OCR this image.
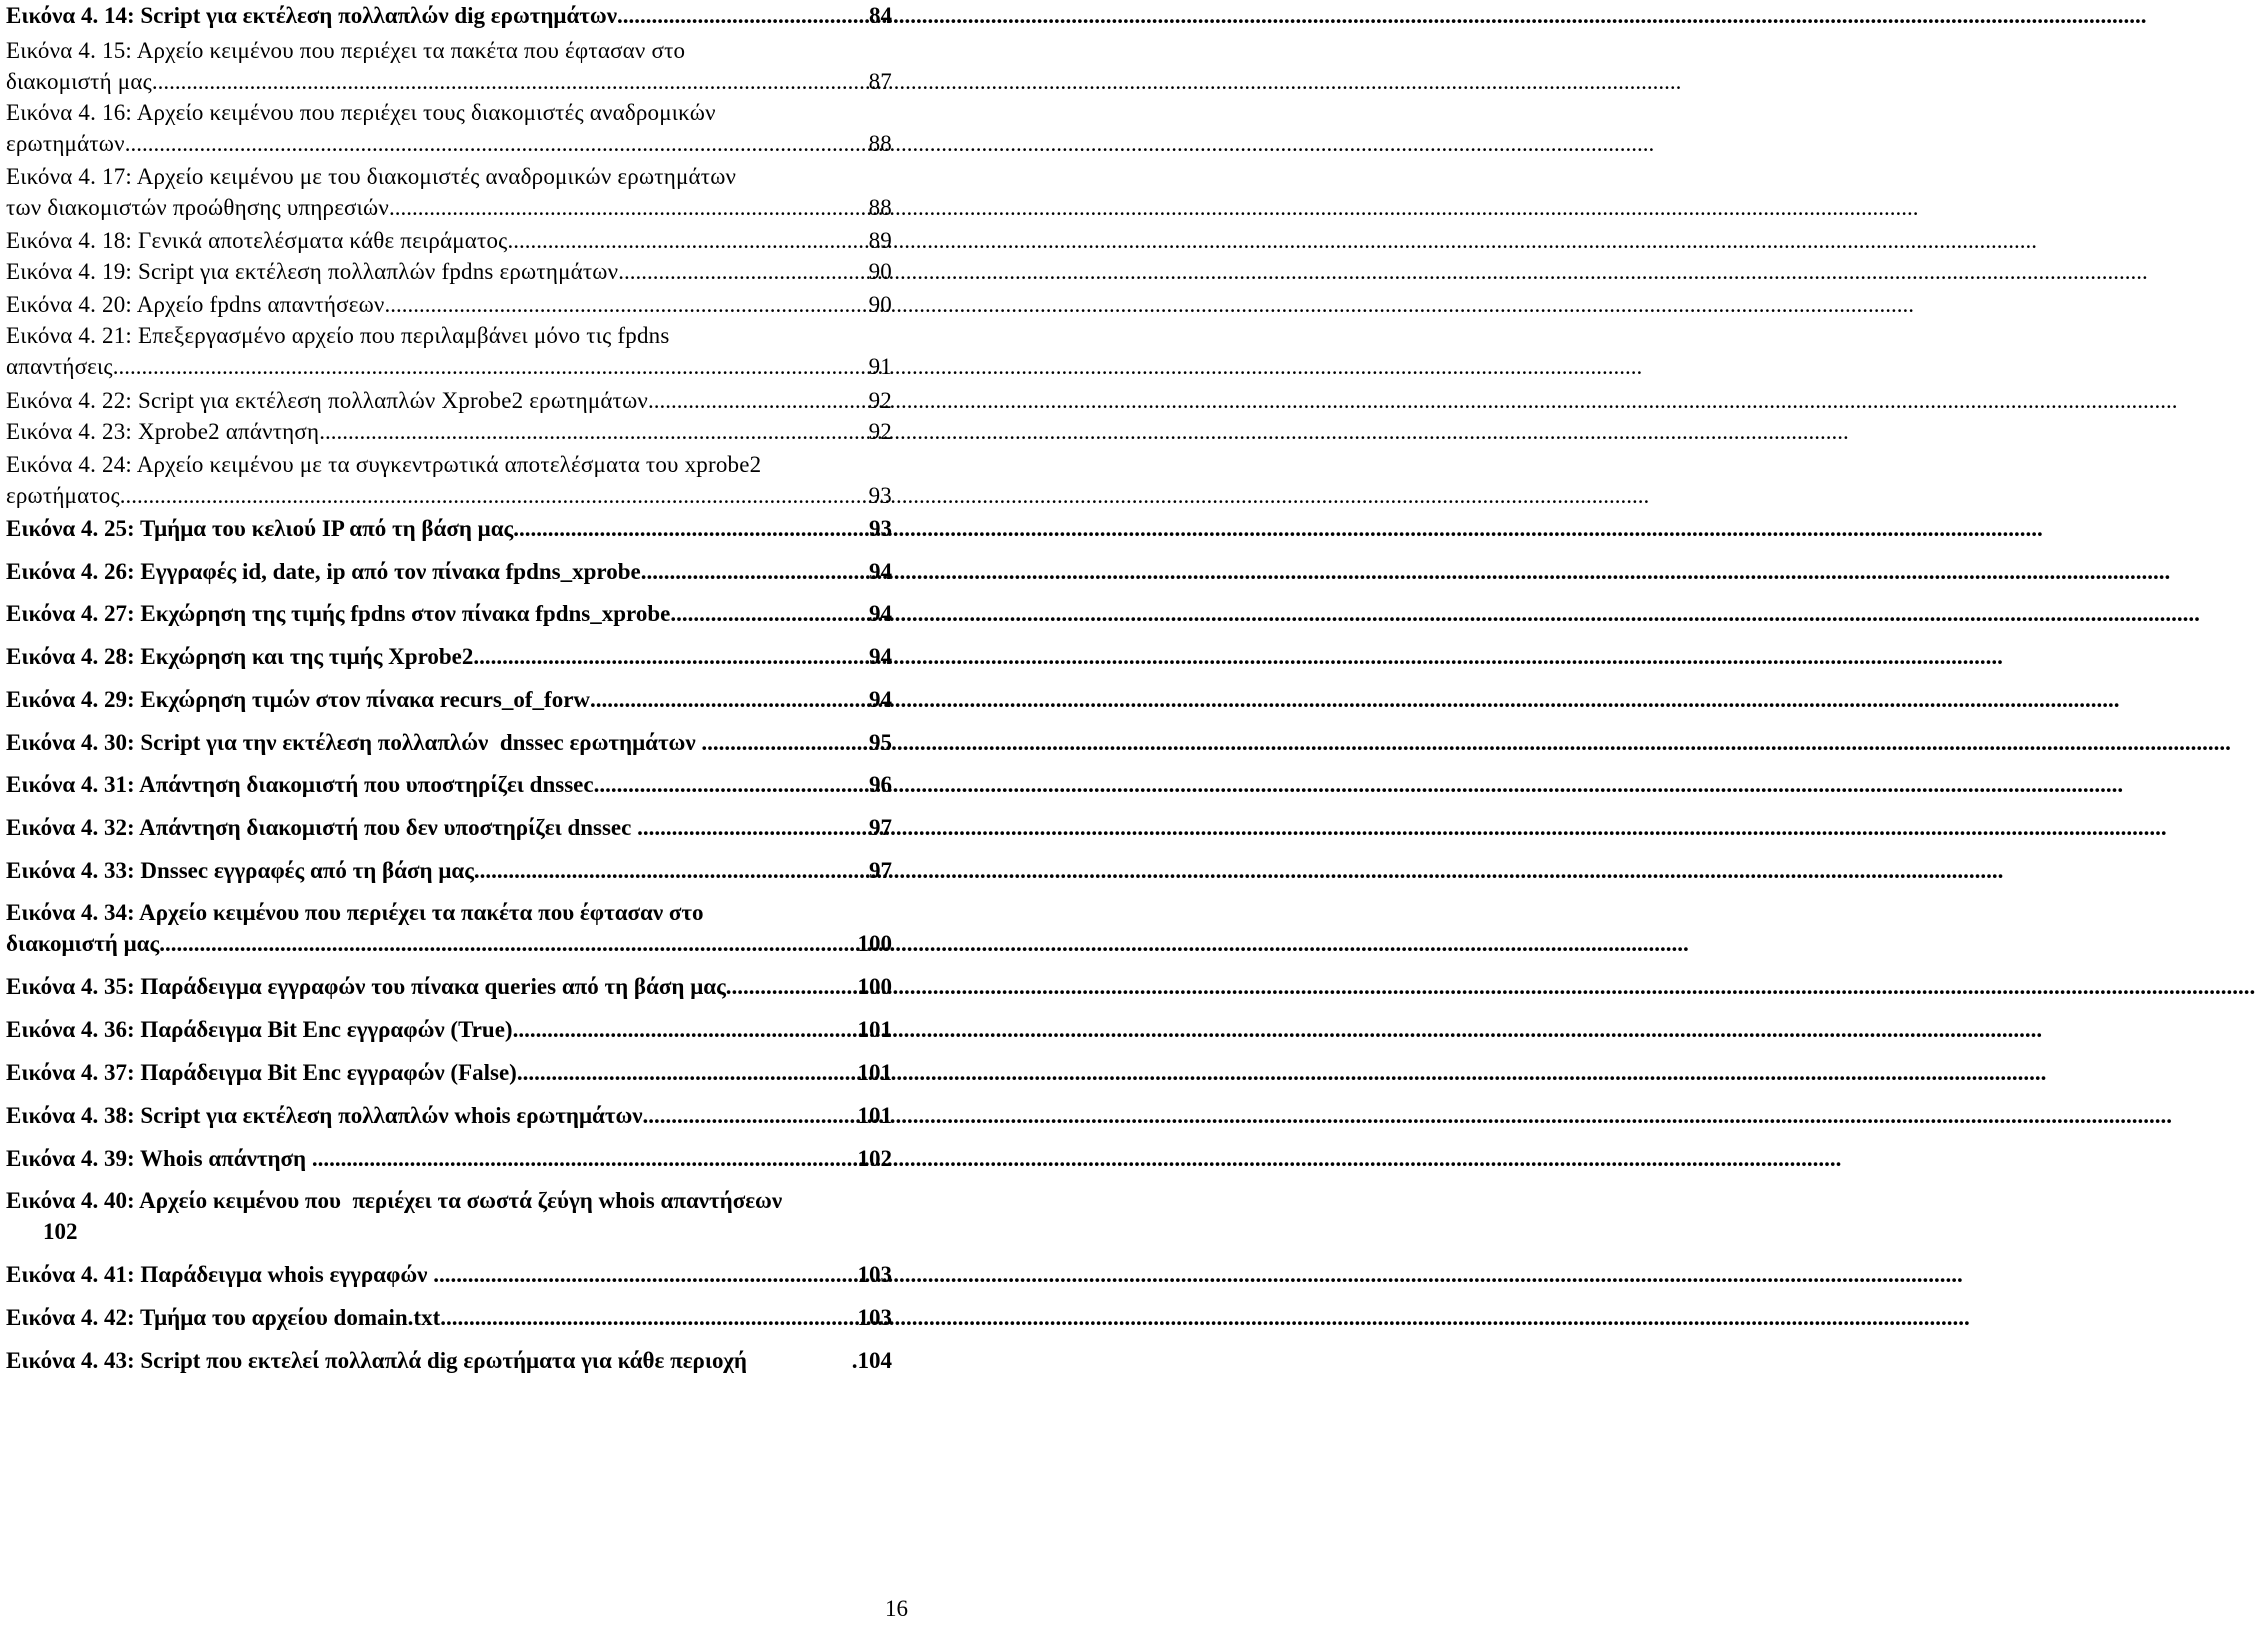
Εικόνα 4. 14: Script για εκτέλεση πολλαπλών dig ερωτημάτων .....	84
Εικόνα 4. 15: Αρχείο κειμένου που περιέχει τα πακέτα που έφτασαν στο
διακομιστή μας .....	87
Εικόνα 4. 16: Αρχείο κειμένου που περιέχει τους διακομιστές αναδρομικών
ερωτημάτων .....	88
Εικόνα 4. 17: Αρχείο κειμένου με του διακομιστές αναδρομικών ερωτημάτων
των διακομιστών προώθησης υπηρεσιών .....	88
Εικόνα 4. 18: Γενικά αποτελέσματα κάθε πειράματος .....	89
Εικόνα 4. 19: Script για εκτέλεση πολλαπλών fpdns ερωτημάτων .....	90
Εικόνα 4. 20: Αρχείο fpdns απαντήσεων .....	90
Εικόνα 4. 21: Επεξεργασμένο αρχείο που περιλαμβάνει μόνο τις fpdns
απαντήσεις .....	91
Εικόνα 4. 22: Script για εκτέλεση πολλαπλών Xprobe2 ερωτημάτων .....	92
Εικόνα 4. 23: Xprobe2 απάντηση .....	92
Εικόνα 4. 24: Αρχείο κειμένου με τα συγκεντρωτικά αποτελέσματα του xprobe2
ερωτήματος .....	93
Εικόνα 4. 25: Τμήμα του κελιού IP από τη βάση μας .....	93
Εικόνα 4. 26: Εγγραφές id, date, ip από τον πίνακα fpdns_xprobe .....	94
Εικόνα 4. 27: Εκχώρηση της τιμής fpdns στον πίνακα fpdns_xprobe .....	94
Εικόνα 4. 28: Εκχώρηση και της τιμής Xprobe2 .....	94
Εικόνα 4. 29: Εκχώρηση τιμών στον πίνακα recurs_of_forw .....	94
Εικόνα 4. 30: Script για την εκτέλεση πολλαπλών  dnssec ερωτημάτων .....	95
Εικόνα 4. 31: Απάντηση διακομιστή που υποστηρίζει dnssec .....	96
Εικόνα 4. 32: Απάντηση διακομιστή που δεν υποστηρίζει dnssec .....	97
Εικόνα 4. 33: Dnssec εγγραφές από τη βάση μας .....	97
Εικόνα 4. 34: Αρχείο κειμένου που περιέχει τα πακέτα που έφτασαν στο
διακομιστή μας .....	100
Εικόνα 4. 35: Παράδειγμα εγγραφών του πίνακα queries από τη βάση μας .....	100
Εικόνα 4. 36: Παράδειγμα Bit Enc εγγραφών (True) .....	101
Εικόνα 4. 37: Παράδειγμα Bit Enc εγγραφών (False) .....	101
Εικόνα 4. 38: Script για εκτέλεση πολλαπλών whois ερωτημάτων .....	101
Εικόνα 4. 39: Whois απάντηση .....	102
Εικόνα 4. 40: Αρχείο κειμένου που  περιέχει τα σωστά ζεύγη whois απαντήσεων
102
Εικόνα 4. 41: Παράδειγμα whois εγγραφών .....	103
Εικόνα 4. 42: Τμήμα του αρχείου domain.txt .....	103
Εικόνα 4. 43: Script που εκτελεί πολλαπλά dig ερωτήματα για κάθε περιοχή	. 104
16
